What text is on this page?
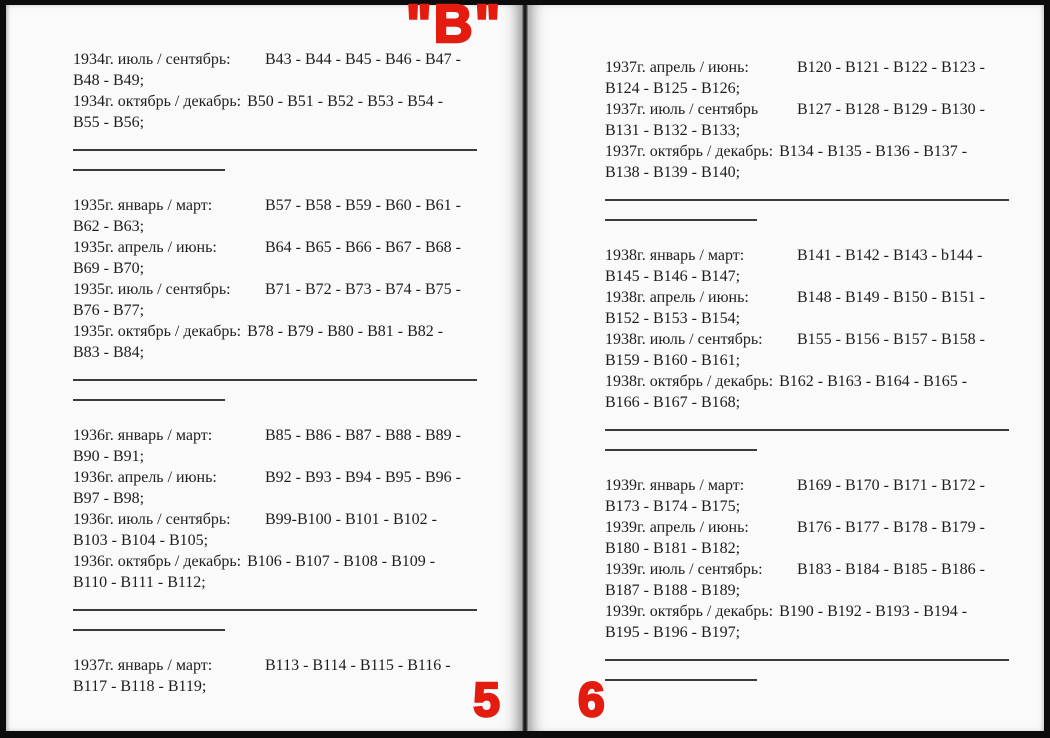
1934г. июль / сентябрь: B43 - B44 - B45 - B46 - B47 -
B48 - B49;
1934г. октябрь / декабрь: B50 - B51 - B52 - B53 - B54 -
B55 - B56;
1935г. январь / март:	B57 - B58 - B59 - B60 - B61 -
B62 - B63;
1935г. апрель / июнь:	B64 - B65 - B66 - B67 - B68 -
B69 - B70;
1935г. июль / сентябрь: B71 - B72 - B73 - B74 - B75 -
B76 - B77;
1935г. октябрь / декабрь: B78 - B79 - B80 - B81 - B82 -
B83 - B84;
1936г. январь / март:	B85 - B86 - B87 - B88 - B89 -
B90 - B91;
1936г. апрель / июнь:	B92 - B93 - B94 - B95 - B96 -
B97 - B98;
1936г. июль / сентябрь: B99-B100 - B101 - B102 -
B103 - B104 - B105;
1936г. октябрь / декабрь: B106 - B107 - B108 - B109 -
B110 - B111 - B112;
1937г. январь / март:	B113 - B114 - B115 - B116 -
B117 - B118 - B119;	5
1937г. апрель / июнь:	B120 - B121 - B122 - B123 -
B124 - B125 - B126;
1937г. июль / сентябрь B127 - B128 - B129 - B130 -
B131 - B132 - B133;
1937г. октябрь / декабрь: B134 - B135 - B136 - B137 -
B138 - B139 - B140;
1938г. январь / март:	B141 - B142 - B143 - b144 -
B145 - B146 - B147;
1938г. апрель / июнь:	B148 - B149 - B150 - B151 -
B152 - B153 - B154;
1938г. июль / сентябрь: B155 - B156 - B157 - B158 -
B159 - B160 - B161;
1938г. октябрь / декабрь: B162 - B163 - B164 - B165 -
B166 - B167 - B168;
1939г. январь / март:	B169 - B170 - B171 - B172 -
B173 - B174 - B175;
1939г. апрель / июнь:	B176 - B177 - B178 - B179 -
B180 - B181 - B182;
1939г. июль / сентябрь: B183 - B184 - B185 - B186 -
B187 - B188 - B189;
1939г. октябрь / декабрь: B190 - B192 - B193 - B194 -
B195 - B196 - B197;
6
"B"
